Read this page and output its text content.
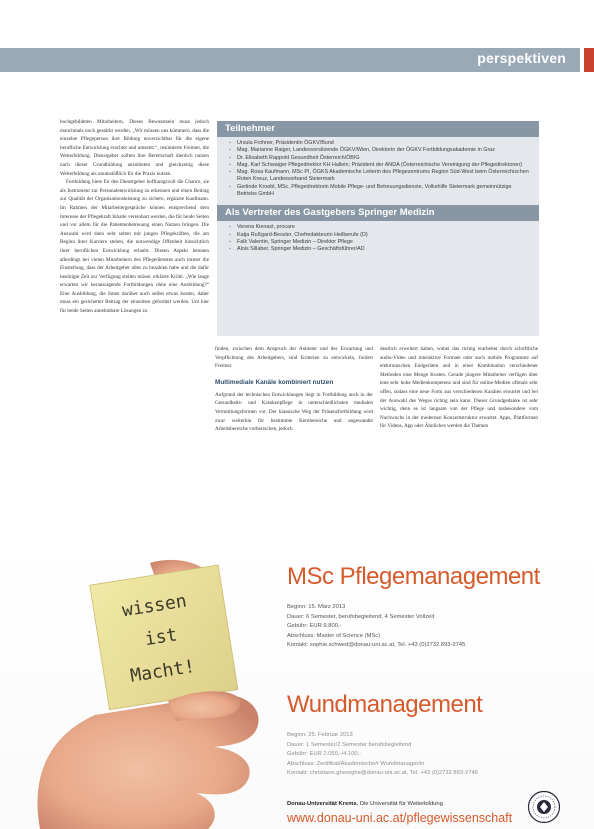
perspektiven

hochgebildeten Mitarbeitern. Dieses Bewusstsein muss jedoch manchmals noch gestärkt werden. „Wir müssen uns kümmern, dass die einzelne Pflegeperson ihre Bildung unverzichtbar für die eigene berufliche Entwicklung erachtet und umsetzt.“, resümierte Freitner, die Weiterbildung. Dienstgeber sollten ihre Bereitschaft dienlich nutzen nach dieser Grundbildung anzubieten und gleichzeitig diese Weiterbildung als unumstößlich für die Praxis nutzen.

Fortbildung biete für den Dienstgeber hoffnungsvoll die Chance, sie als Instrument zur Personalentwicklung zu erkennen und einen Beitrag zur Qualität der Organisationsleistung zu sichern, ergänzte Kaufmann. Im Rahmen der Mitarbeitergespräche können entsprechend dem Interesse der Pflegekraft Inhalte vereinbart werden, die für beide Seiten und vor allem für die Patientenbetreuung einen Nutzen bringen. Die Auswahl wird dann sehr selten mit jungen Pflegekräften, die am Beginn ihrer Karriere stehen, die notwendige Offenheit hinsichtlich ihrer beruflichen Entwicklung erlaubt. Diesen Aspekt betonen allerdings bei vielen Mitarbeitern des Pflegedienstes auch immer die Einstellung, dass der Arbeitgeber alles zu bezahlen habe und die dafür benötigte Zeit zur Verfügung stellen müsse, erklärte Kröbl. „Wie lange erwarten wir herausragende Fortbildungen ohne eine Ausbildung?“ Eine Ausbildung, die ihnen darüber auch selbst etwas kosten, daher muss ein gesicherter Beitrag der einzelnen gefordert werden. Um hier für beide Seiten annehmbare Lösungen zu

Teilnehmer
▪ Ursula Frohner, Präsidentin ÖGKV/Bund
▪ Mag. Marianne Raiger, Landesvorsitzende ÖGKV/Wien, Direktorin der ÖGKV Fortbildungsakademie in Graz
▪ Dr. Elisabeth Rappold Gesundheit Österreich/ÖBIG
▪ Mag. Karl Schwaiger Pflegedirektor KH Hallein; Präsident der ANDA (Österreichische Vereinigung der Pflegedirektoren)
▪ Mag. Rosa Kaufmann, MSc PI, ÖGKS Akademische Leiterin des Pflegezentrums Region Süd-West beim Österreichischen Roten Kreuz, Landesverband Steiermark
▪ Gerlinde Kroebl, MSc, Pflegedirektorin Mobile Pflege- und Betreuungsdienste, Volkshilfe Steiermark gemeinnützige Betriebs GmbH
Als Vertreter des Gastgebers Springer Medizin
▪ Verena Kienast, procare
▪ Katja Rußgard-Bessler, Chefredakteurin Heilberufe (D)
▪ Falk Valentin, Springer Medizin – Direktor Pflege
▪ Alois Sillaber, Springer Medizin – Geschäftsführer/AD

finden, zwischen dem Anspruch der Anbieter und der Erwartung und Verpflichtung des Arbeitgebers, sind Kriterien zu entwickeln, fordert Freitner.

Multimediale Kanäle kombiniert nutzen

Aufgrund der technischen Entwicklungen liegt in Fortbildung auch in der Gesundheits- und Krankenpflege in unterschiedlichsten medialen Vermittlungsformen vor. Der klassische Weg der Präsenzfortbildung wird zwar weiterhin für bestimmte Kernbereiche und angewandte Arbeitsbereiche vorherrschen, jedoch

deutlich erweitert haben, wobei das richtig erarbeitet durch schriftliche audio-Video und interaktive Formate oder auch mobile Programme auf elektronischen Endgeräten und in einer Kombination verschiedener Methoden eine Menge Kosten. Gerade jüngere Mitarbeiter verfügen über eine sehr hohe Medienkompetenz und sind für online-Medien oftmals sehr offen, sodass eine neue Form aus verschiedenen Kanälen erwartet und bei der Auswahl des Weges richtig sein kann. Dieser Grundgedanke ist sehr wichtig, denn es ist langsam von der Pflege und insbesondere vom Nachwuchs in der modernen Konzernstruktur erwartet. Apps, Plattformen für Videos, App oder Ähnliches werden die Themen

wissen
ist
Macht!
MSc Pflegemanagement
Beginn: 15. März 2013
Dauer: 6 Semester, berufsbegleitend, 4 Semester Vollzeit
Gebühr: EUR 9.800,-
Abschluss: Master of Science (MSc)
Kontakt: sophie.schwed@donau-uni.ac.at, Tel. +43 (0)2732 893-2745
Wundmanagement
Beginn: 25. Februar 2013
Dauer: 1 Semester/2 Semester berufsbegleitend
Gebühr: EUR 2.050,-/4.100,-
Abschluss: Zertifikat/Akademische/r Wundmanager/in
Kontakt: christiane.gheorghe@donau-uni.ac.at, Tel. +43 (0)2732 893-2746
Donau-Universität Krems. Die Universität für Weiterbildung
www.donau-uni.ac.at/pflegewissenschaft
